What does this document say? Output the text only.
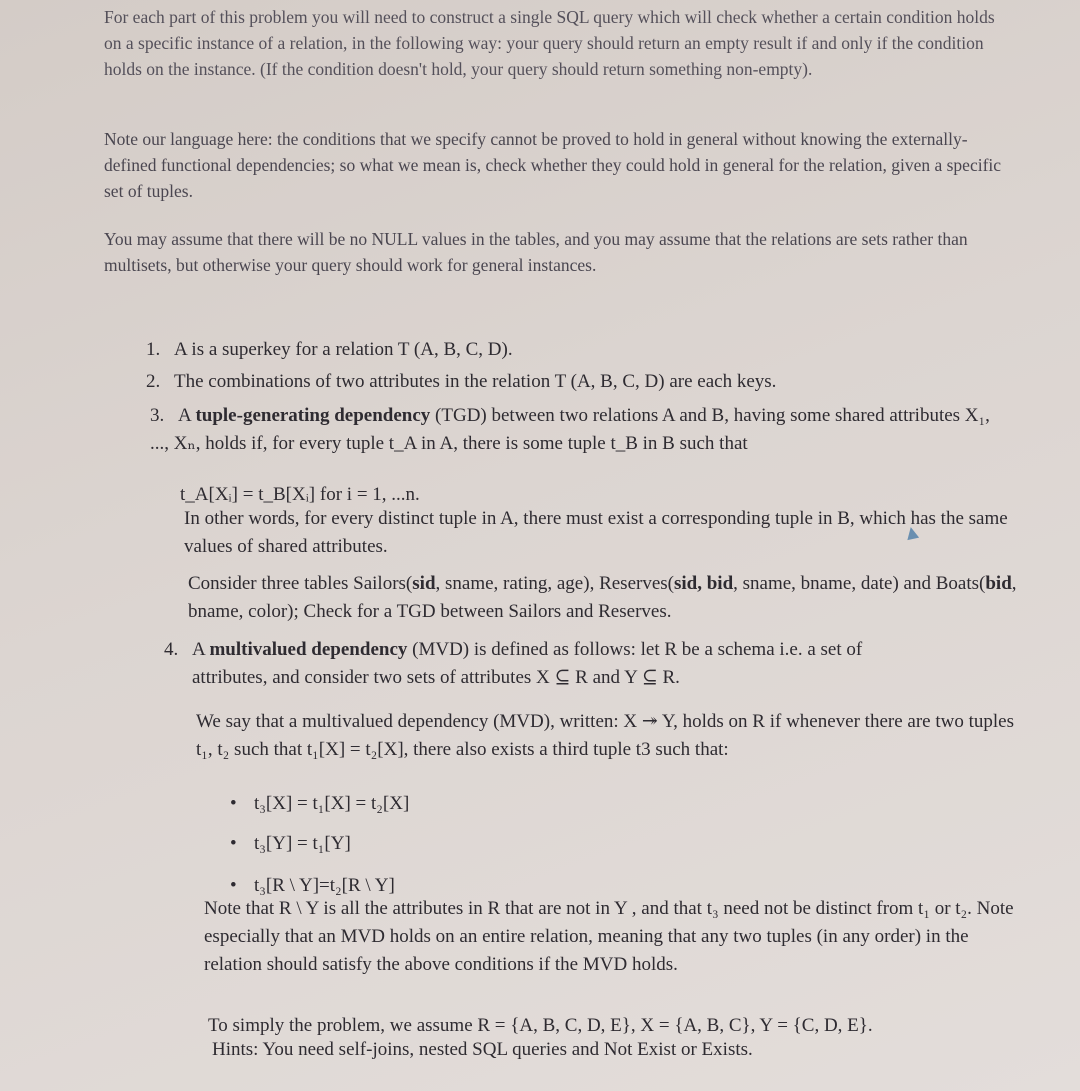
For each part of this problem you will need to construct a single SQL query which will check whether a certain condition holds on a specific instance of a relation, in the following way: your query should return an empty result if and only if the condition holds on the instance. (If the condition doesn't hold, your query should return something non-empty).

Note our language here: the conditions that we specify cannot be proved to hold in general without knowing the externally-defined functional dependencies; so what we mean is, check whether they could hold in general for the relation, given a specific set of tuples.

You may assume that there will be no NULL values in the tables, and you may assume that the relations are sets rather than multisets, but otherwise your query should work for general instances.

1. A is a superkey for a relation T (A, B, C, D).

2. The combinations of two attributes in the relation T (A, B, C, D) are each keys.

3. A tuple-generating dependency (TGD) between two relations A and B, having some shared attributes X₁, ..., Xₙ, holds if, for every tuple t_A in A, there is some tuple t_B in B such that

t_A[Xᵢ] = t_B[Xᵢ] for i = 1, ...n.

In other words, for every distinct tuple in A, there must exist a corresponding tuple in B, which has the same values of shared attributes.

Consider three tables Sailors(sid, sname, rating, age), Reserves(sid, bid, sname, bname, date) and Boats(bid, bname, color); Check for a TGD between Sailors and Reserves.

4. A multivalued dependency (MVD) is defined as follows: let R be a schema i.e. a set of

attributes, and consider two sets of attributes X ⊆ R and Y ⊆ R.

We say that a multivalued dependency (MVD), written: X ↠ Y, holds on R if whenever there are two tuples t₁, t₂ such that t₁[X] = t₂[X], there also exists a third tuple t3 such that:

• t₃[X] = t₁[X] = t₂[X]
• t₃[Y] = t₁[Y]
• t₃[R \ Y]=t₂[R \ Y]

Note that R \ Y is all the attributes in R that are not in Y , and that t₃ need not be distinct from t₁ or t₂. Note especially that an MVD holds on an entire relation, meaning that any two tuples (in any order) in the relation should satisfy the above conditions if the MVD holds.

To simply the problem, we assume R = {A, B, C, D, E}, X = {A, B, C}, Y = {C, D, E}.

Hints: You need self-joins, nested SQL queries and Not Exist or Exists.
